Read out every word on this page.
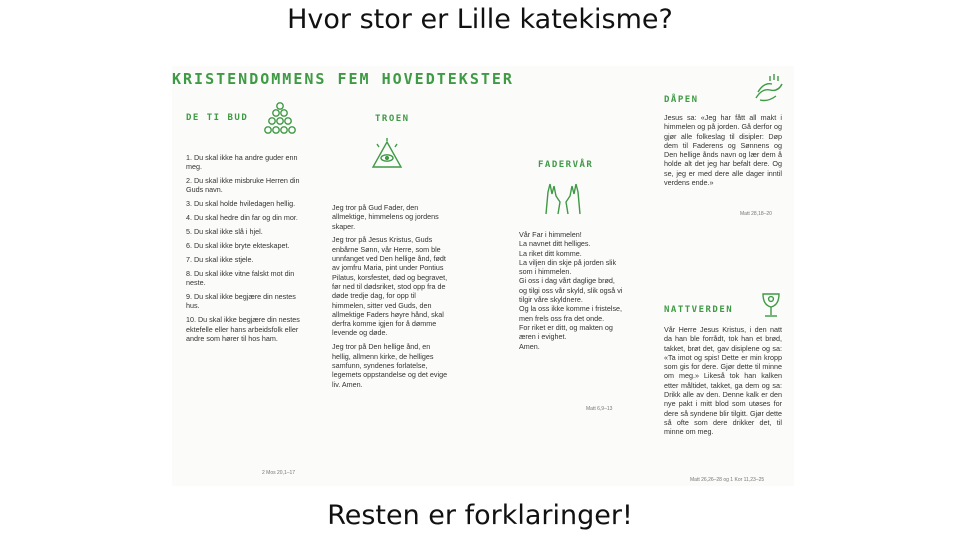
Hvor stor er Lille katekisme?
KRISTENDOMMENS FEM HOVEDTEKSTER
DE TI BUD

1. Du skal ikke ha andre guder enn meg.

2. Du skal ikke misbruke Herren din Guds navn.

3. Du skal holde hviledagen hellig.

4. Du skal hedre din far og din mor.

5. Du skal ikke slå i hjel.

6. Du skal ikke bryte ekteskapet.

7. Du skal ikke stjele.

8. Du skal ikke vitne falskt mot din neste.

9. Du skal ikke begjære din nestes hus.

10. Du skal ikke begjære din nestes ektefelle eller hans arbeidsfolk eller andre som hører til hos ham.

2 Mos 20,1–17
TROEN

Jeg tror på Gud Fader, den allmektige, himmelens og jordens skaper.

Jeg tror på Jesus Kristus, Guds enbårne Sønn, vår Herre, som ble unnfanget ved Den hellige ånd, født av jomfru Maria, pint under Pontius Pilatus, korsfestet, død og begravet, før ned til dødsriket, stod opp fra de døde tredje dag, for opp til himmelen, sitter ved Guds, den allmektige Faders høyre hånd, skal derfra komme igjen for å dømme levende og døde.

Jeg tror på Den hellige ånd, en hellig, allmenn kirke, de helliges samfunn, syndenes forlatelse, legemets oppstandelse og det evige liv. Amen.

FADERVÅR
Vår Far i himmelen!
La navnet ditt helliges.
La riket ditt komme.
La viljen din skje på jorden slik som i himmelen.
Gi oss i dag vårt daglige brød,
og tilgi oss vår skyld, slik også vi tilgir våre skyldnere.
Og la oss ikke komme i fristelse,
men frels oss fra det onde.
For riket er ditt, og makten og æren i evighet.
Amen.
Matt 6,9–13
DÅPEN
Jesus sa: «Jeg har fått all makt i himmelen og på jorden. Gå derfor og gjør alle folkeslag til disipler: Døp dem til Faderens og Sønnens og Den hellige ånds navn og lær dem å holde alt det jeg har befalt dere. Og se, jeg er med dere alle dager inntil verdens ende.»
Matt 28,18–20
NATTVERDEN
Vår Herre Jesus Kristus, i den natt da han ble forrådt, tok han et brød, takket, brøt det, gav disiplene og sa: «Ta imot og spis! Dette er min kropp som gis for dere. Gjør dette til minne om meg.» Likeså tok han kalken etter måltidet, takket, ga dem og sa: Drikk alle av den. Denne kalk er den nye pakt i mitt blod som utøses for dere så syndene blir tilgitt. Gjør dette så ofte som dere drikker det, til minne om meg.
Matt 26,26–28 og 1 Kor 11,23–25
Resten er forklaringer!
